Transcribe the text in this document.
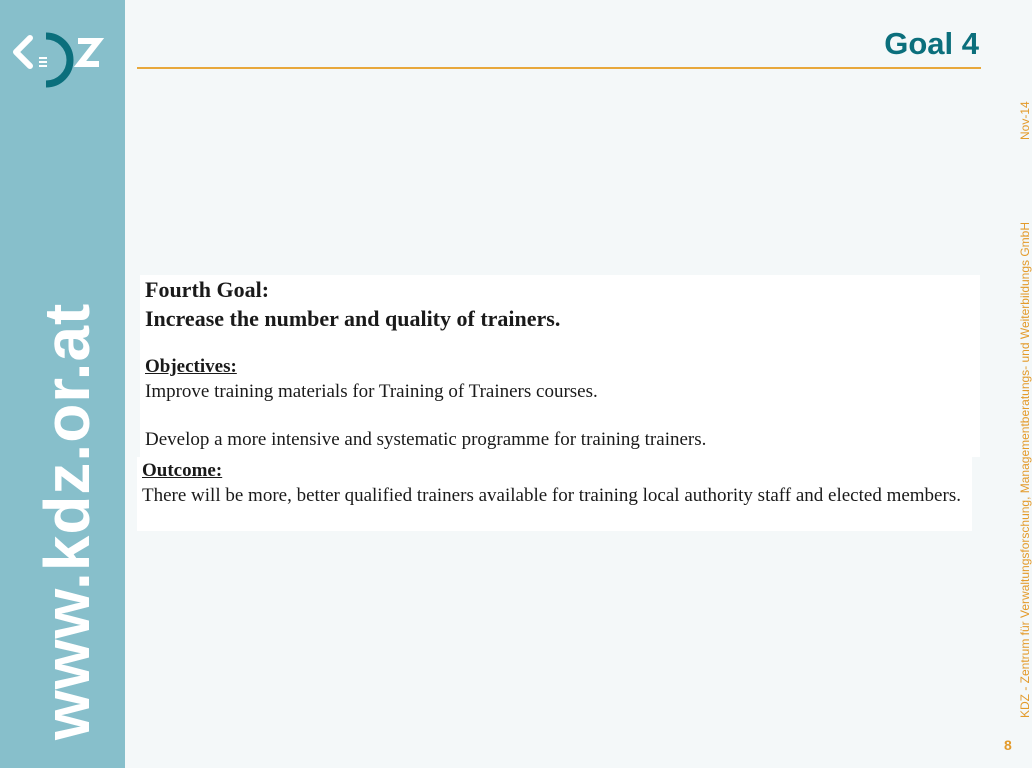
www.kdz.or.at
Goal 4
Nov-14
KDZ - Zentrum für Verwaltungsforschung, Managementberatungs- und Weiterbildungs GmbH
8
Fourth Goal:
Increase the number and quality of trainers.
Objectives:
Improve training materials for Training of Trainers courses.
Develop a more intensive and systematic programme for training trainers.
Outcome:
There will be more, better qualified trainers available for training local authority staff and elected members.
